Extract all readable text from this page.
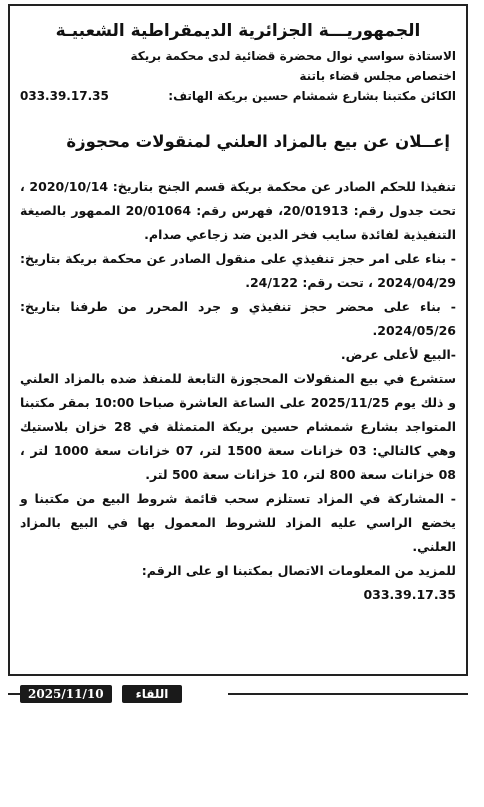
الجمهوريـــة الجزائرية الديمقراطية الشعبيـة
الاستاذة سواسي نوال محضرة قضائية لدى محكمة بريكة
اختصاص مجلس قضاء باتنة
الكائن مكتبنا بشارع شمشام حسين بريكة الهاتف:
033.39.17.35
إعــلان عن بيع بالمزاد العلني لمنقولات محجوزة

تنفيذا للحكم الصادر عن محكمة بريكة قسم الجنح بتاريخ: 2020/10/14 ، تحت جدول رقم: 20/01913، فهرس رقم: 20/01064 الممهور بالصيغة التنفيذية لفائدة سايب فخر الدين ضد زجاعي صدام.

- بناء على امر حجز تنفيذي على منقول الصادر عن محكمة بريكة بتاريخ: 2024/04/29 ، تحت رقم: 24/122.

- بناء على محضر حجز تنفيذي و جرد المحرر من طرفنا بتاريخ: 2024/05/26.

-البيع لأعلى عرض.

ستشرع في بيع المنقولات المحجوزة التابعة للمنفذ ضده بالمزاد العلني و ذلك يوم 2025/11/25 على الساعة العاشرة صباحا 10:00 بمقر مكتبنا المتواجد بشارع شمشام حسين بريكة المتمثلة في 28 خزان بلاستيك وهي كالتالي: 03 خزانات سعة 1500 لتر، 07 خزانات سعة 1000 لتر ، 08 خزانات سعة 800 لتر، 10 خزانات سعة 500 لتر.

- المشاركة في المزاد تستلزم سحب قائمة شروط البيع من مكتبنا و يخضع الراسي عليه المزاد للشروط المعمول بها في البيع بالمزاد العلني.

للمزيد من المعلومات الاتصال بمكتبنا او على الرقم:

033.39.17.35

2025/11/10	اللقاء
